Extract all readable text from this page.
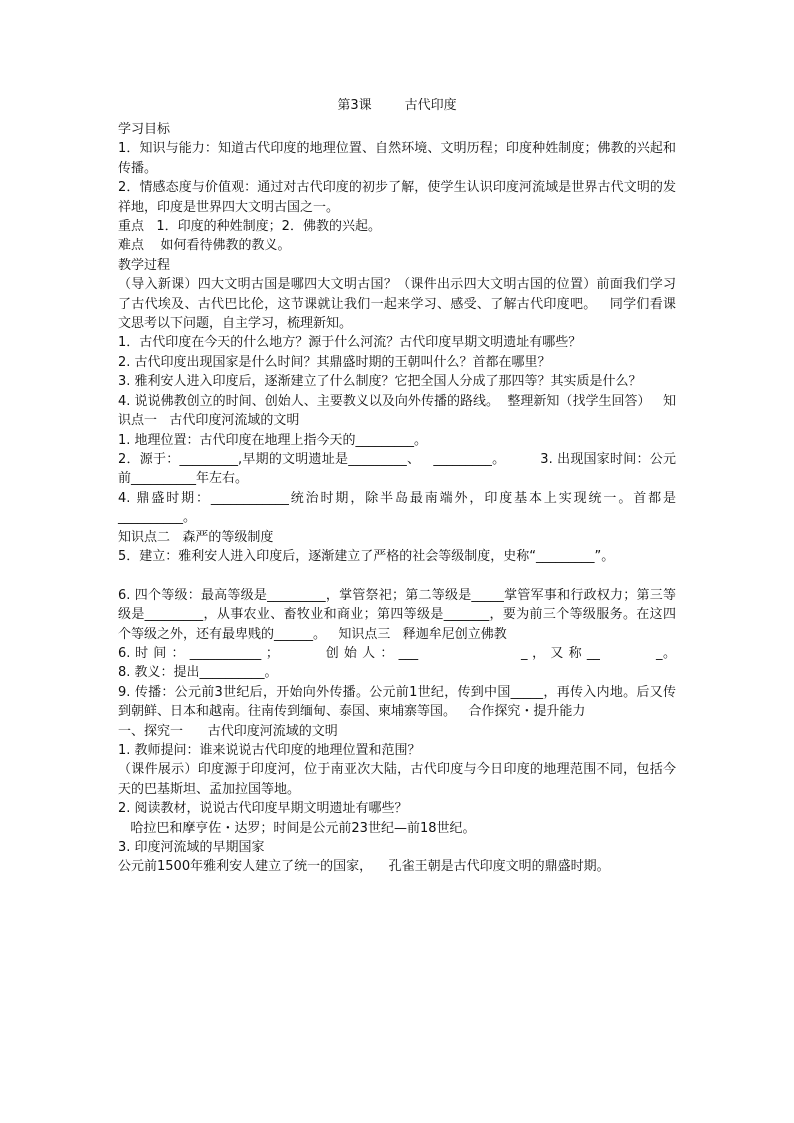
第3课        古代印度

学习目标

1．知识与能力：知道古代印度的地理位置、自然环境、文明历程；印度种姓制度；佛教的兴起和传播。

2．情感态度与价值观：通过对古代印度的初步了解，使学生认识印度河流域是世界古代文明的发祥地，印度是世界四大文明古国之一。

重点   1．印度的种姓制度；2．佛教的兴起。

难点    如何看待佛教的教义。

教学过程

（导入新课）四大文明古国是哪四大文明古国？（课件出示四大文明古国的位置）前面我们学习了古代埃及、古代巴比伦，这节课就让我们一起来学习、感受、了解古代印度吧。   同学们看课文思考以下问题，自主学习，梳理新知。

1．古代印度在今天的什么地方？源于什么河流？古代印度早期文明遗址有哪些？

2. 古代印度出现国家是什么时间？其鼎盛时期的王朝叫什么？首都在哪里？

3. 雅利安人进入印度后，逐渐建立了什么制度？它把全国人分成了那四等？其实质是什么？

4. 说说佛教创立的时间、创始人、主要教义以及向外传播的路线。  整理新知（找学生回答）   知识点一   古代印度河流域的文明

1. 地理位置：古代印度在地理上指今天的_________。

2．源于：_________,早期的文明遗址是_________、   _________。        3. 出现国家时间：公元前__________年左右。

4. 鼎盛时期：____________统治时期，除半岛最南端外，印度基本上实现统一。首都是__________。

知识点二   森严的等级制度

5．建立：雅利安人进入印度后，逐渐建立了严格的社会等级制度，史称“_________”。

6. 四个等级：最高等级是_________，掌管祭祀；第二等级是_____掌管军事和行政权力；第三等级是_________，从事农业、畜牧业和商业；第四等级是_______，要为前三个等级服务。在这四个等级之外，还有最卑贱的______。   知识点三   释迦牟尼创立佛教

6. 时 间 ： ___________ ；          创 始 人 ： ___                      _ ， 又 称 __            _。

8. 教义：提出__________。

9. 传播：公元前3世纪后，开始向外传播。公元前1世纪，传到中国_____，再传入内地。后又传到朝鲜、日本和越南。往南传到缅甸、泰国、柬埔寨等国。   合作探究・提升能力

一、探究一      古代印度河流域的文明

1. 教师提问：谁来说说古代印度的地理位置和范围？

（课件展示）印度源于印度河，位于南亚次大陆，古代印度与今日印度的地理范围不同，包括今天的巴基斯坦、孟加拉国等地。

2. 阅读教材，说说古代印度早期文明遗址有哪些？

哈拉巴和摩亨佐・达罗；时间是公元前23世纪—前18世纪。

3. 印度河流域的早期国家

公元前1500年雅利安人建立了统一的国家，    孔雀王朝是古代印度文明的鼎盛时期。
